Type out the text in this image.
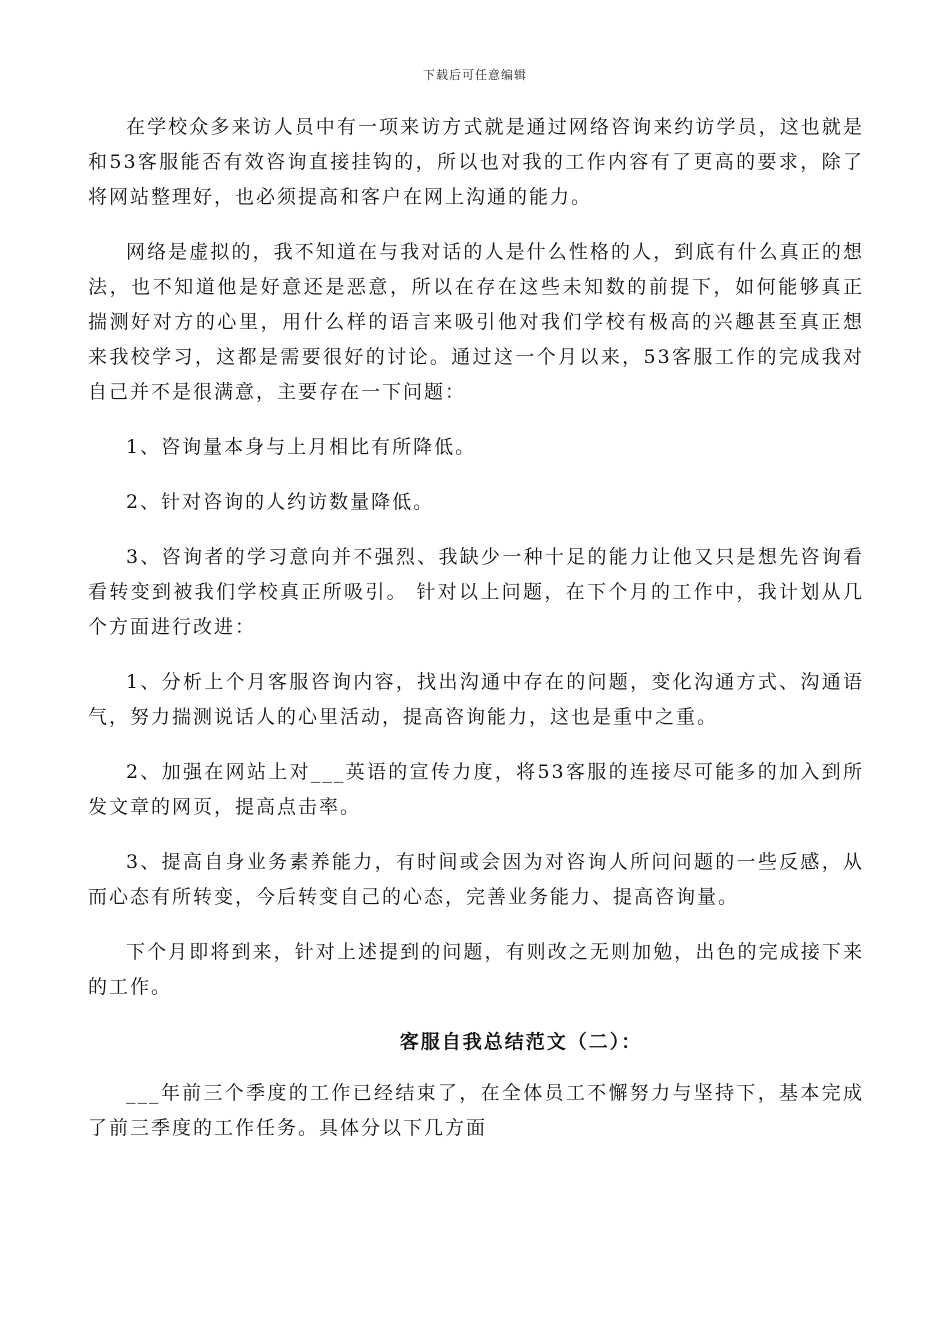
下载后可任意编辑

在学校众多来访人员中有一项来访方式就是通过网络咨询来约访学员，这也就是和53客服能否有效咨询直接挂钩的，所以也对我的工作内容有了更高的要求，除了将网站整理好，也必须提高和客户在网上沟通的能力。

网络是虚拟的，我不知道在与我对话的人是什么性格的人，到底有什么真正的想法，也不知道他是好意还是恶意，所以在存在这些未知数的前提下，如何能够真正揣测好对方的心里，用什么样的语言来吸引他对我们学校有极高的兴趣甚至真正想来我校学习，这都是需要很好的讨论。通过这一个月以来，53客服工作的完成我对自己并不是很满意，主要存在一下问题：

1、咨询量本身与上月相比有所降低。

2、针对咨询的人约访数量降低。

3、咨询者的学习意向并不强烈、我缺少一种十足的能力让他又只是想先咨询看看转变到被我们学校真正所吸引。 针对以上问题，在下个月的工作中，我计划从几个方面进行改进：

1、分析上个月客服咨询内容，找出沟通中存在的问题，变化沟通方式、沟通语气，努力揣测说话人的心里活动，提高咨询能力，这也是重中之重。

2、加强在网站上对___英语的宣传力度，将53客服的连接尽可能多的加入到所发文章的网页，提高点击率。

3、提高自身业务素养能力，有时间或会因为对咨询人所问问题的一些反感，从而心态有所转变，今后转变自己的心态，完善业务能力、提高咨询量。

下个月即将到来，针对上述提到的问题，有则改之无则加勉，出色的完成接下来的工作。

客服自我总结范文（二）：

___年前三个季度的工作已经结束了，在全体员工不懈努力与坚持下，基本完成了前三季度的工作任务。具体分以下几方面
